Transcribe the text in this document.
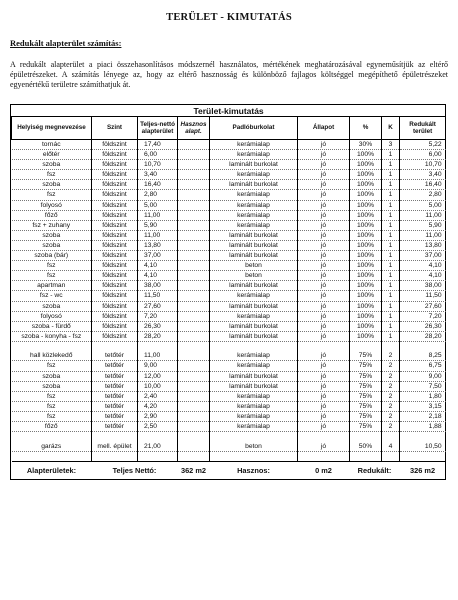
TERÜLET - KIMUTATÁS
Redukált alapterület számítás:
A redukált alapterület a piaci összehasonlításos módszernél használatos, mértékének meghatározásával egyneműsítjük az eltérő épületrészeket. A számítás lényege az, hogy az eltérő hasznosság és különböző fajlagos költséggel megépíthető épületrészeket egyenértékű területre számíthatjuk át.
Terület-kimutatás								
Helyiség megnevezése	Szint	Teljes-nettó alapterület	Hasznos alapt.	Padlóburkolat	Állapot	%	K	Redukált terület
tornác	földszint	17,40		kerámialap	jó	30%	3	5,22
előtér	földszint	6,00		kerámialap	jó	100%	1	6,00
szoba	földszint	10,70		laminált burkolat	jó	100%	1	10,70
fsz	földszint	3,40		kerámialap	jó	100%	1	3,40
szoba	földszint	16,40		laminált burkolat	jó	100%	1	16,40
fsz	földszint	2,80		kerámialap	jó	100%	1	2,80
folyosó	földszint	5,00		kerámialap	jó	100%	1	5,00
főző	földszint	11,00		kerámialap	jó	100%	1	11,00
fsz + zuhany	földszint	5,90		kerámialap	jó	100%	1	5,90
szoba	földszint	11,00		laminált burkolat	jó	100%	1	11,00
szoba	földszint	13,80		laminált burkolat	jó	100%	1	13,80
szoba (bár)	földszint	37,00		laminált burkolat	jó	100%	1	37,00
fsz	földszint	4,10		beton	jó	100%	1	4,10
fsz	földszint	4,10		beton	jó	100%	1	4,10
apartman	földszint	38,00		laminált burkolat	jó	100%	1	38,00
fsz - wc	földszint	11,50		kerámialap	jó	100%	1	11,50
szoba	földszint	27,60		laminált burkolat	jó	100%	1	27,60
folyosó	földszint	7,20		kerámialap	jó	100%	1	7,20
szoba - fürdő	földszint	26,30		laminált burkolat	jó	100%	1	26,30
szoba - konyha - fsz	földszint	28,20		laminált burkolat	jó	100%	1	28,20

hall közlekedő	tetőtér	11,00		kerámialap	jó	75%	2	8,25
fsz	tetőtér	9,00		kerámialap	jó	75%	2	6,75
szoba	tetőtér	12,00		laminált burkolat	jó	75%	2	9,00
szoba	tetőtér	10,00		laminált burkolat	jó	75%	2	7,50
fsz	tetőtér	2,40		kerámialap	jó	75%	2	1,80
fsz	tetőtér	4,20		kerámialap	jó	75%	2	3,15
fsz	tetőtér	2,90		kerámialap	jó	75%	2	2,18
főző	tetőtér	2,50		kerámialap	jó	75%	2	1,88

garázs	mell. épület	21,00		beton	jó	50%	4	10,50

Alapterületek:	Teljes Nettó:		362 m2	Hasznos:	0 m2	Redukált:		326 m2
